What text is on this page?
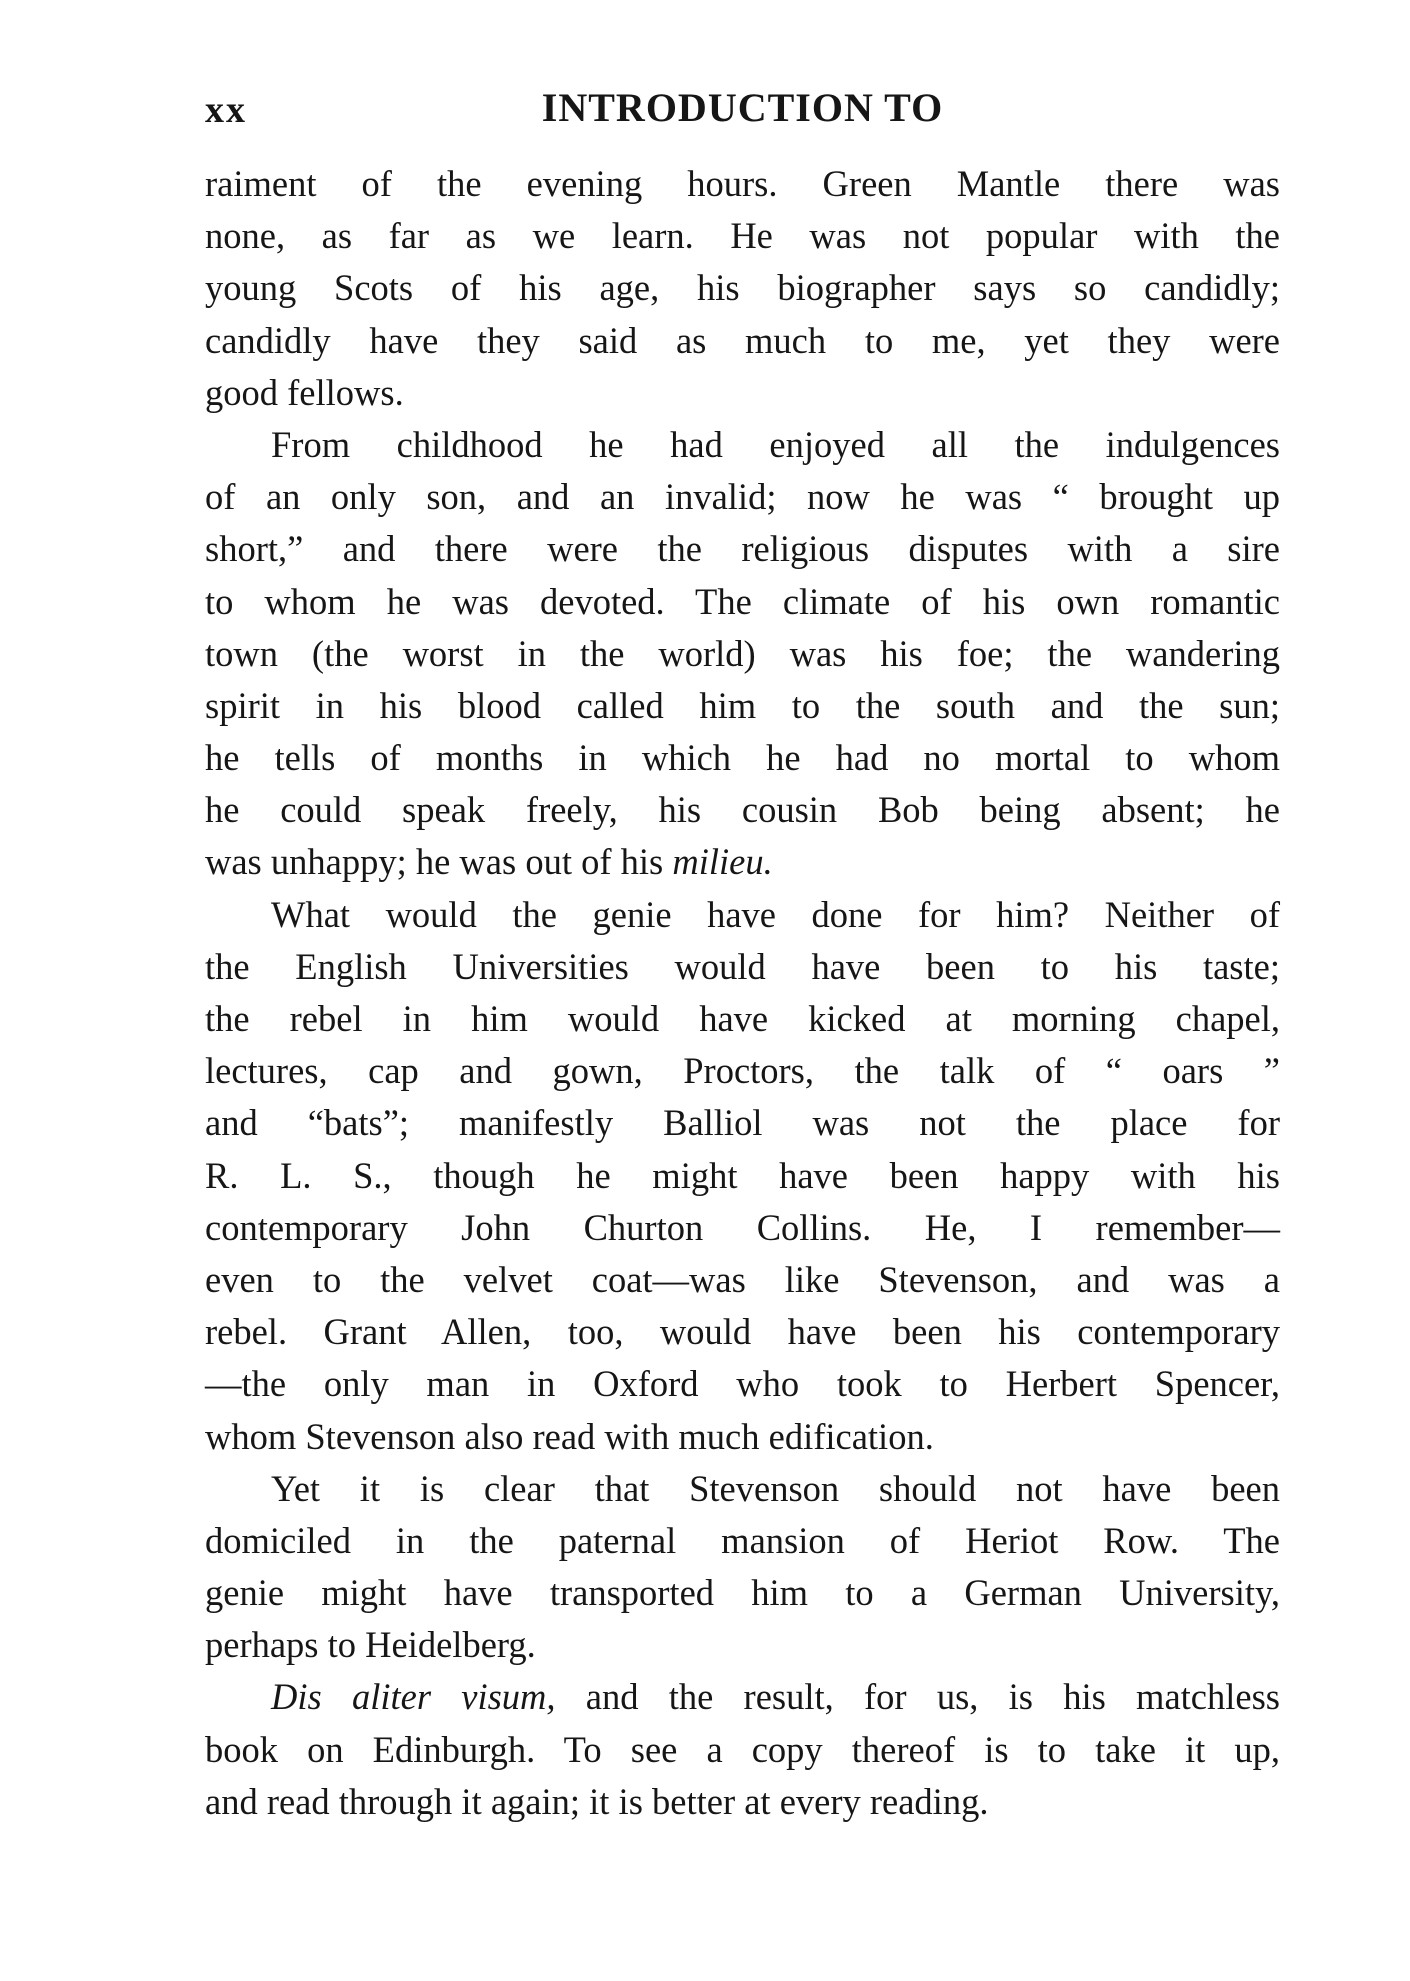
xx	INTRODUCTION TO
raiment of the evening hours. Green Mantle there was
none, as far as we learn. He was not popular with the
young Scots of his age, his biographer says so candidly;
candidly have they said as much to me, yet they were
good fellows.
From childhood he had enjoyed all the indulgences
of an only son, and an invalid; now he was “ brought up
short,” and there were the religious disputes with a sire
to whom he was devoted. The climate of his own romantic
town (the worst in the world) was his foe; the wandering
spirit in his blood called him to the south and the sun;
he tells of months in which he had no mortal to whom
he could speak freely, his cousin Bob being absent; he
was unhappy; he was out of his milieu.
What would the genie have done for him? Neither of
the English Universities would have been to his taste;
the rebel in him would have kicked at morning chapel,
lectures, cap and gown, Proctors, the talk of “ oars ”
and “bats”; manifestly Balliol was not the place for
R. L. S., though he might have been happy with his
contemporary John Churton Collins. He, I remember—
even to the velvet coat—was like Stevenson, and was a
rebel. Grant Allen, too, would have been his contemporary
—the only man in Oxford who took to Herbert Spencer,
whom Stevenson also read with much edification.
Yet it is clear that Stevenson should not have been
domiciled in the paternal mansion of Heriot Row. The
genie might have transported him to a German University,
perhaps to Heidelberg.
Dis aliter visum, and the result, for us, is his matchless
book on Edinburgh. To see a copy thereof is to take it up,
and read through it again; it is better at every reading.
